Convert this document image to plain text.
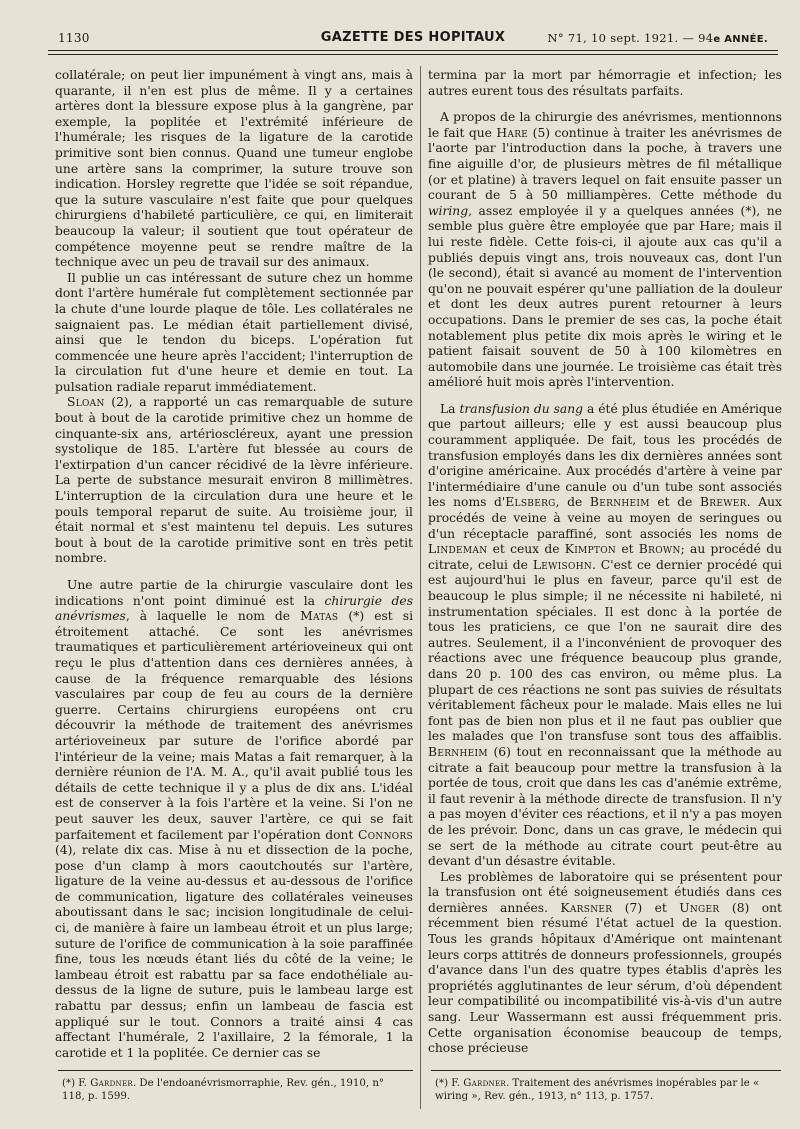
1130	GAZETTE DES HOPITAUX	N° 71, 10 sept. 1921. — 94e ANNÉE.

collatérale; on peut lier impunément à vingt ans, mais à quarante, il n'en est plus de même. Il y a certaines artères dont la blessure expose plus à la gangrène, par exemple, la poplitée et l'extrémité inférieure de l'humérale; les risques de la ligature de la carotide primitive sont bien connus. Quand une tumeur englobe une artère sans la comprimer, la suture trouve son indication. Horsley regrette que l'idée se soit répandue, que la suture vasculaire n'est faite que pour quelques chirurgiens d'habileté particulière, ce qui, en limiterait beaucoup la valeur; il soutient que tout opérateur de compétence moyenne peut se rendre maître de la technique avec un peu de travail sur des animaux.

Il publie un cas intéressant de suture chez un homme dont l'artère humérale fut complètement sectionnée par la chute d'une lourde plaque de tôle. Les collatérales ne saignaient pas. Le médian était partiellement divisé, ainsi que le tendon du biceps. L'opération fut commencée une heure après l'accident; l'interruption de la circulation fut d'une heure et demie en tout. La pulsation radiale reparut immédiatement.

Sloan (2), a rapporté un cas remarquable de suture bout à bout de la carotide primitive chez un homme de cinquante-six ans, artérioscléreux, ayant une pression systolique de 185. L'artère fut blessée au cours de l'extirpation d'un cancer récidivé de la lèvre inférieure. La perte de substance mesurait environ 8 millimètres. L'interruption de la circulation dura une heure et le pouls temporal reparut de suite. Au troisième jour, il était normal et s'est maintenu tel depuis. Les sutures bout à bout de la carotide primitive sont en très petit nombre.

Une autre partie de la chirurgie vasculaire dont les indications n'ont point diminué est la chirurgie des anévrismes, à laquelle le nom de Matas (*) est si étroitement attaché. Ce sont les anévrismes traumatiques et particulièrement artérioveineux qui ont reçu le plus d'attention dans ces dernières années, à cause de la fréquence remarquable des lésions vasculaires par coup de feu au cours de la dernière guerre. Certains chirurgiens européens ont cru découvrir la méthode de traitement des anévrismes artérioveineux par suture de l'orifice abordé par l'intérieur de la veine; mais Matas a fait remarquer, à la dernière réunion de l'A. M. A., qu'il avait publié tous les détails de cette technique il y a plus de dix ans. L'idéal est de conserver à la fois l'artère et la veine. Si l'on ne peut sauver les deux, sauver l'artère, ce qui se fait parfaitement et facilement par l'opération dont Connors (4), relate dix cas. Mise à nu et dissection de la poche, pose d'un clamp à mors caoutchoutés sur l'artère, ligature de la veine au-dessus et au-dessous de l'orifice de communication, ligature des collatérales veineuses aboutissant dans le sac; incision longitudinale de celui-ci, de manière à faire un lambeau étroit et un plus large; suture de l'orifice de communication à la soie paraffinée fine, tous les nœuds étant liés du côté de la veine; le lambeau étroit est rabattu par sa face endothéliale au-dessus de la ligne de suture, puis le lambeau large est rabattu par dessus; enfin un lambeau de fascia est appliqué sur le tout. Connors a traité ainsi 4 cas affectant l'humérale, 2 l'axillaire, 2 la fémorale, 1 la carotide et 1 la poplitée. Ce dernier cas se

termina par la mort par hémorragie et infection; les autres eurent tous des résultats parfaits.

A propos de la chirurgie des anévrismes, mentionnons le fait que Hare (5) continue à traiter les anévrismes de l'aorte par l'introduction dans la poche, à travers une fine aiguille d'or, de plusieurs mètres de fil métallique (or et platine) à travers lequel on fait ensuite passer un courant de 5 à 50 milliampères. Cette méthode du wiring, assez employée il y a quelques années (*), ne semble plus guère être employée que par Hare; mais il lui reste fidèle. Cette fois-ci, il ajoute aux cas qu'il a publiés depuis vingt ans, trois nouveaux cas, dont l'un (le second), était si avancé au moment de l'intervention qu'on ne pouvait espérer qu'une palliation de la douleur et dont les deux autres purent retourner à leurs occupations. Dans le premier de ses cas, la poche était notablement plus petite dix mois après le wiring et le patient faisait souvent de 50 à 100 kilomètres en automobile dans une journée. Le troisième cas était très amélioré huit mois après l'intervention.

La transfusion du sang a été plus étudiée en Amérique que partout ailleurs; elle y est aussi beaucoup plus couramment appliquée. De fait, tous les procédés de transfusion employés dans les dix dernières années sont d'origine américaine. Aux procédés d'artère à veine par l'intermédiaire d'une canule ou d'un tube sont associés les noms d'Elsberg, de Bernheim et de Brewer. Aux procédés de veine à veine au moyen de seringues ou d'un réceptacle paraffiné, sont associés les noms de Lindeman et ceux de Kimpton et Brown; au procédé du citrate, celui de Lewisohn. C'est ce dernier procédé qui est aujourd'hui le plus en faveur, parce qu'il est de beaucoup le plus simple; il ne nécessite ni habileté, ni instrumentation spéciales. Il est donc à la portée de tous les praticiens, ce que l'on ne saurait dire des autres. Seulement, il a l'inconvénient de provoquer des réactions avec une fréquence beaucoup plus grande, dans 20 p. 100 des cas environ, ou même plus. La plupart de ces réactions ne sont pas suivies de résultats véritablement fâcheux pour le malade. Mais elles ne lui font pas de bien non plus et il ne faut pas oublier que les malades que l'on transfuse sont tous des affaiblis. Bernheim (6) tout en reconnaissant que la méthode au citrate a fait beaucoup pour mettre la transfusion à la portée de tous, croit que dans les cas d'anémie extrême, il faut revenir à la méthode directe de transfusion. Il n'y a pas moyen d'éviter ces réactions, et il n'y a pas moyen de les prévoir. Donc, dans un cas grave, le médecin qui se sert de la méthode au citrate court peut-être au devant d'un désastre évitable.

Les problèmes de laboratoire qui se présentent pour la transfusion ont été soigneusement étudiés dans ces dernières années. Karsner (7) et Unger (8) ont récemment bien résumé l'état actuel de la question. Tous les grands hôpitaux d'Amérique ont maintenant leurs corps attitrés de donneurs professionnels, groupés d'avance dans l'un des quatre types établis d'après les propriétés agglutinantes de leur sérum, d'où dépendent leur compatibilité ou incompatibilité vis-à-vis d'un autre sang. Leur Wassermann est aussi fréquemment pris. Cette organisation économise beaucoup de temps, chose précieuse

(*) F. Gardner. De l'endoanévrismorraphie, Rev. gén., 1910, n° 118, p. 1599.
(*) F. Gardner. Traitement des anévrismes inopérables par le « wiring », Rev. gén., 1913, n° 113, p. 1757.
